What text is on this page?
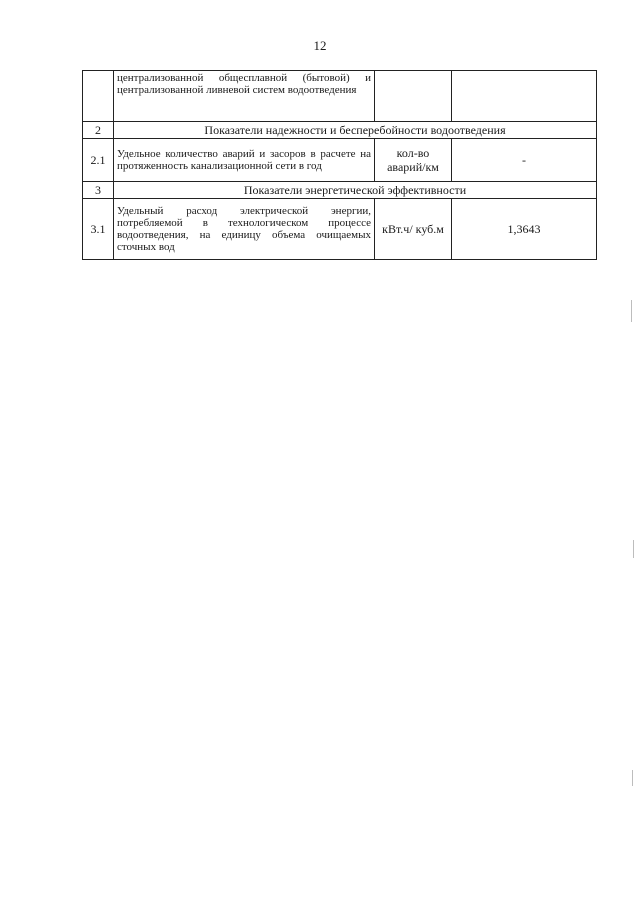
12
	централизованной общесплавной (бытовой) и централизованной ливневой систем водоотведения		
2	Показатели надежности и бесперебойности водоотведения		
2.1	Удельное количество аварий и засоров в расчете на протяженность канализационной сети в год	кол-во аварий/км	-
3	Показатели энергетической эффективности		
3.1	Удельный расход электрической энергии, потребляемой в технологическом процессе водоотведения, на единицу объема очищаемых сточных вод	кВт.ч/ куб.м	1,3643
